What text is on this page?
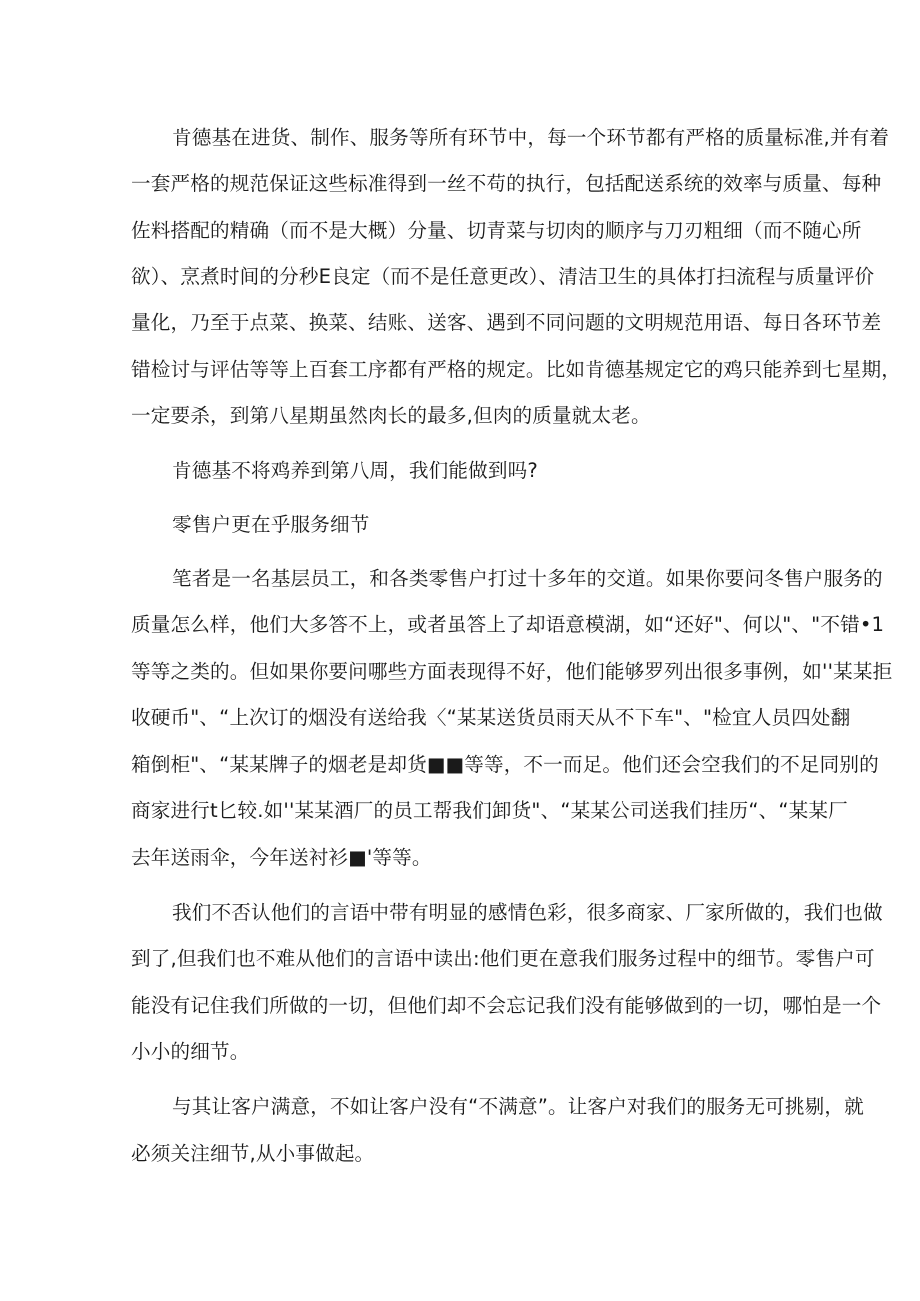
肯德基在进货、制作、服务等所有环节中，每一个环节都有严格的质量标准,并有着
一套严格的规范保证这些标准得到一丝不苟的执行，包括配送系统的效率与质量、每种
佐料搭配的精确（而不是大概）分量、切青菜与切肉的顺序与刀刃粗细（而不随心所
欲）、烹煮时间的分秒E良定（而不是任意更改）、清洁卫生的具体打扫流程与质量评价
量化，乃至于点菜、换菜、结账、送客、遇到不同问题的文明规范用语、每日各环节差
错检讨与评估等等上百套工序都有严格的规定。比如肯德基规定它的鸡只能养到七星期，
一定要杀，到第八星期虽然肉长的最多,但肉的质量就太老。
肯德基不将鸡养到第八周，我们能做到吗?
零售户更在乎服务细节
笔者是一名基层员工，和各类零售户打过十多年的交道。如果你要问冬售户服务的
质量怎么样，他们大多答不上，或者虽答上了却语意模湖，如“还好"、何以"、"不错•1
等等之类的。但如果你要问哪些方面表现得不好，他们能够罗列出很多事例，如''某某拒
收硬币"、“上次订的烟没有送给我〈“某某送货员雨天从不下车"、"检宜人员四处翻
箱倒柜"、“某某牌子的烟老是却货■■等等，不一而足。他们还会空我们的不足同别的
商家进行t匕较.如''某某酒厂的员工帮我们卸货"、“某某公司送我们挂历“、“某某厂
去年送雨伞，今年送衬衫■'等等。
我们不否认他们的言语中带有明显的感情色彩，很多商家、厂家所做的，我们也做
到了,但我们也不难从他们的言语中读出:他们更在意我们服务过程中的细节。零售户可
能没有记住我们所做的一切，但他们却不会忘记我们没有能够做到的一切，哪怕是一个
小小的细节。
与其让客户满意，不如让客户没有“不满意”。让客户对我们的服务无可挑剔，就
必须关注细节,从小事做起。
